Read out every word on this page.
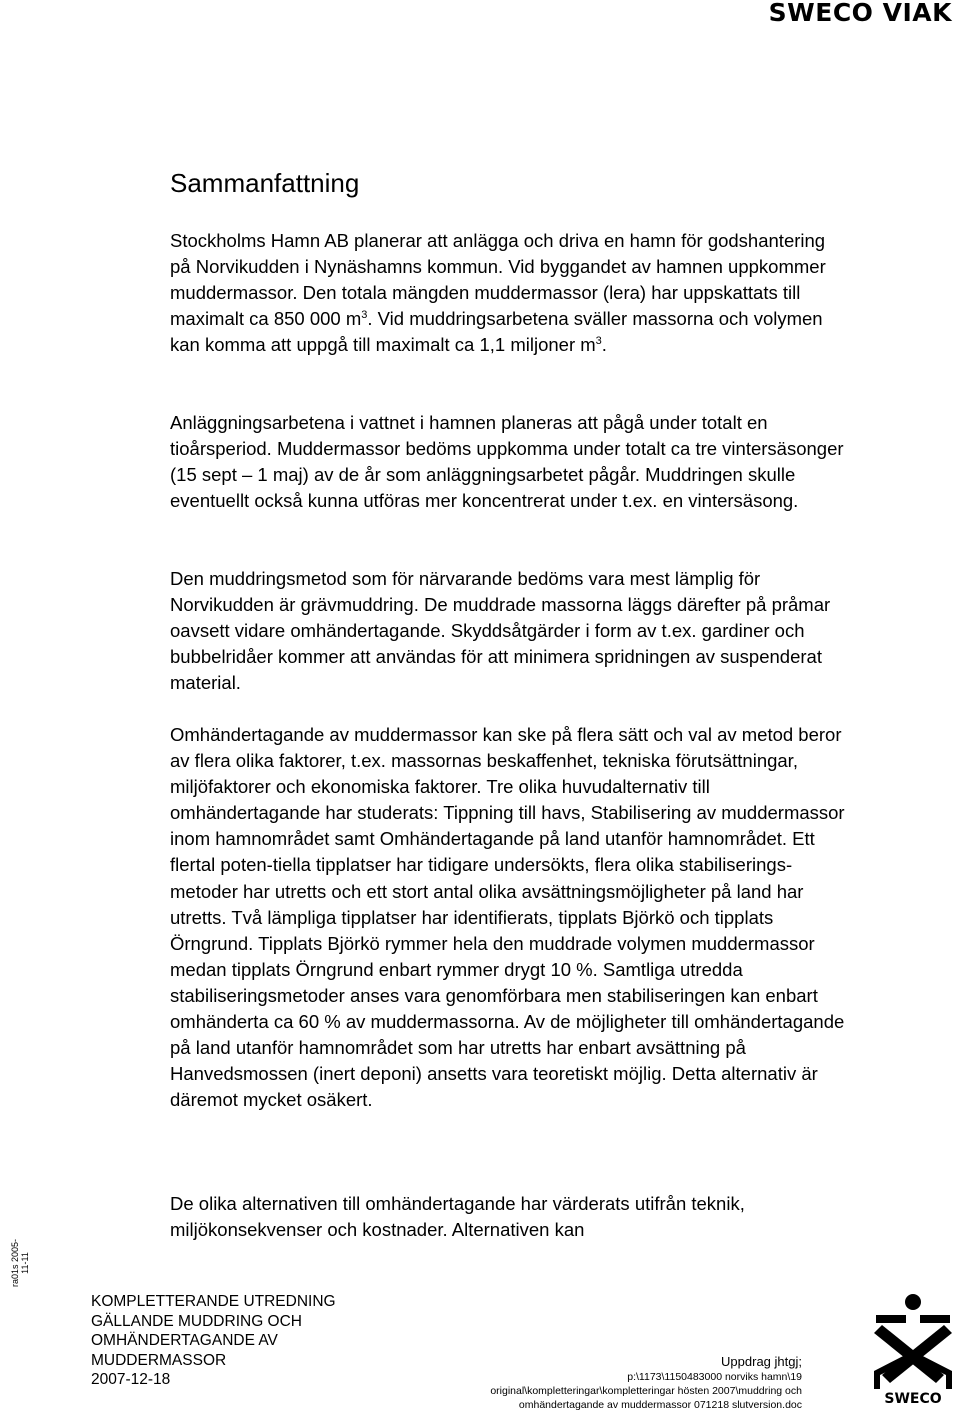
SWECO VIAK
Sammanfattning

Stockholms Hamn AB planerar att anlägga och driva en hamn för godshantering på Norvikudden i Nynäshamns kommun. Vid byggandet av hamnen uppkommer muddermassor. Den totala mängden muddermassor (lera) har uppskattats till maximalt ca 850 000 $m^3$. Vid muddringsarbetena sväller massorna och volymen kan komma att uppgå till maximalt ca 1,1 miljoner $m^3$.

Anläggningsarbetena i vattnet i hamnen planeras att pågå under totalt en tioårsperiod. Muddermassor bedöms uppkomma under totalt ca tre vintersäsonger (15 sept – 1 maj) av de år som anläggningsarbetet pågår. Muddringen skulle eventuellt också kunna utföras mer koncentrerat under t.ex. en vintersäsong.

Den muddringsmetod som för närvarande bedöms vara mest lämplig för Norvikudden är grävmuddring. De muddrade massorna läggs därefter på pråmar oavsett vidare omhändertagande. Skyddsåtgärder i form av t.ex. gardiner och bubbelridåer kommer att användas för att minimera spridningen av suspenderat material.

Omhändertagande av muddermassor kan ske på flera sätt och val av metod beror av flera olika faktorer, t.ex. massornas beskaffenhet, tekniska förutsättningar, miljöfaktorer och ekonomiska faktorer. Tre olika huvudalternativ till omhändertagande har studerats: Tippning till havs, Stabilisering av muddermassor inom hamnområdet samt Omhändertagande på land utanför hamnområdet. Ett flertal poten-tiella tipplatser har tidigare undersökts, flera olika stabiliserings-metoder har utretts och ett stort antal olika avsättningsmöjligheter på land har utretts. Två lämpliga tipplatser har identifierats, tipplats Björkö och tipplats Örngrund. Tipplats Björkö rymmer hela den muddrade volymen muddermassor medan tipplats Örngrund enbart rymmer drygt 10 %. Samtliga utredda stabiliseringsmetoder anses vara genomförbara men stabiliseringen kan enbart omhänderta ca 60 % av muddermassorna. Av de möjligheter till omhändertagande på land utanför hamnområdet som har utretts har enbart avsättning på Hanvedsmossen (inert deponi) ansetts vara teoretiskt möjlig. Detta alternativ är däremot mycket osäkert.

De olika alternativen till omhändertagande har värderats utifrån teknik, miljökonsekvenser och kostnader. Alternativen kan

ra01s 2005-11-11
KOMPLETTERANDE UTREDNING
GÄLLANDE MUDDRING OCH
OMHÄNDERTAGANDE AV
MUDDERMASSOR
2007-12-18
Uppdrag jhtgj;
p:\1173\1150483000 norviks hamn\19
original\kompletteringar\kompletteringar hösten 2007\muddring och
omhändertagande av muddermassor 071218 slutversion.doc	SWECO
